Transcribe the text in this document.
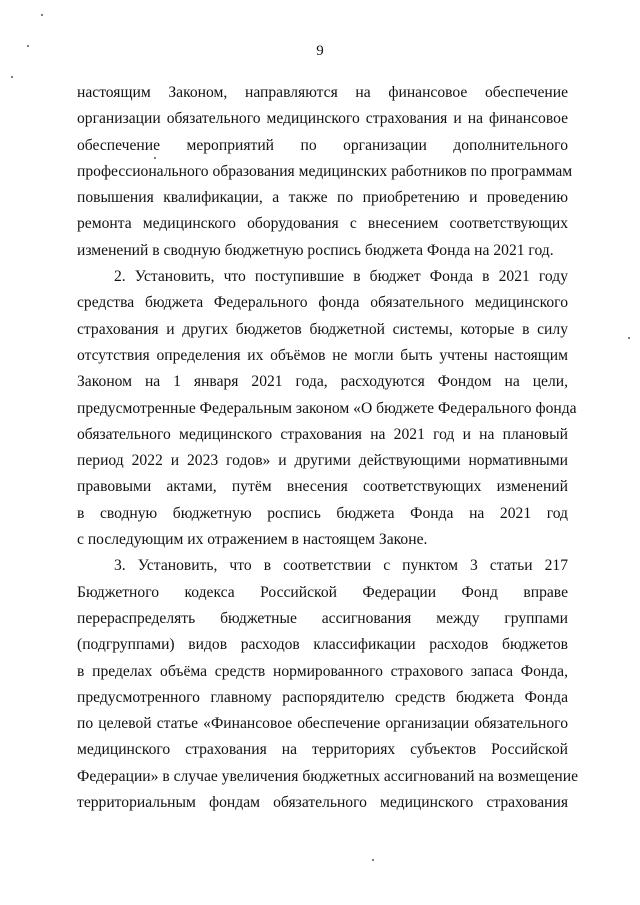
9

настоящим Законом, направляются на финансовое обеспечение
организации обязательного медицинского страхования и на финансовое
обеспечение мероприятий по организации дополнительного
профессионального образования медицинских работников по программам
повышения квалификации, а также по приобретению и проведению
ремонта медицинского оборудования с внесением соответствующих
изменений в сводную бюджетную роспись бюджета Фонда на 2021 год.

2. Установить, что поступившие в бюджет Фонда в 2021 году
средства бюджета Федерального фонда обязательного медицинского
страхования и других бюджетов бюджетной системы, которые в силу
отсутствия определения их объёмов не могли быть учтены настоящим
Законом на 1 января 2021 года, расходуются Фондом на цели,
предусмотренные Федеральным законом «О бюджете Федерального фонда
обязательного медицинского страхования на 2021 год и на плановый
период 2022 и 2023 годов» и другими действующими нормативными
правовыми актами, путём внесения соответствующих изменений
в сводную бюджетную роспись бюджета Фонда на 2021 год
с последующим их отражением в настоящем Законе.

3. Установить, что в соответствии с пунктом 3 статьи 217
Бюджетного кодекса Российской Федерации Фонд вправе
перераспределять бюджетные ассигнования между группами
(подгруппами) видов расходов классификации расходов бюджетов
в пределах объёма средств нормированного страхового запаса Фонда,
предусмотренного главному распорядителю средств бюджета Фонда
по целевой статье «Финансовое обеспечение организации обязательного
медицинского страхования на территориях субъектов Российской
Федерации» в случае увеличения бюджетных ассигнований на возмещение
территориальным фондам обязательного медицинского страхования
